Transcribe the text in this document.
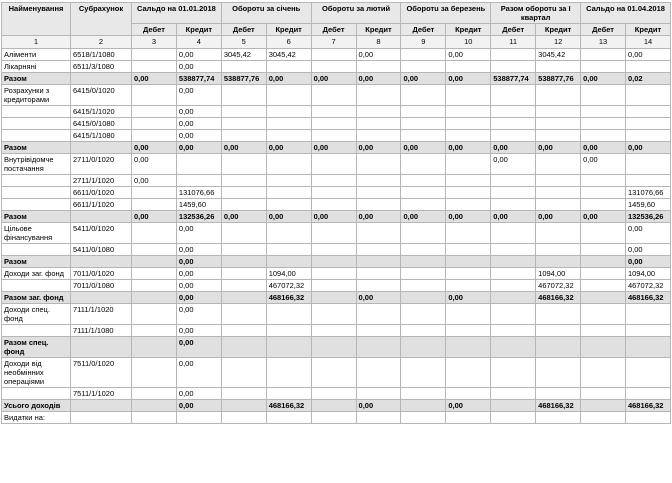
Найменування	Субрахунок	Сальдо на 01.01.2018		Оборотu за січень		Оборотu за лютий		Оборотu за березень		Разом оборотu за I квартал		Сальдо на 01.04.2018	
		Дебет	Кредит	Дебет	Кредит	Дебет	Кредит	Дебет	Кредит	Дебет	Кредит	Дебет	Кредит
1	2	3	4	5	6	7	8	9	10	11	12	13	14
Аліменти	6518/1/1080		0,00	3045,42	3045,42		0,00		0,00		3045,42		0,00
Лікарняні	6511/3/1080		0,00										
Разом		0,00	538877,74	538877,76	0,00	0,00	0,00	0,00	0,00	538877,74	538877,76	0,00	0,02
Розрахунки з кредиторами	6415/0/1020		0,00										
	6415/1/1020		0,00										
	6415/0/1080		0,00										
	6415/1/1080		0,00										
Разом		0,00	0,00	0,00	0,00	0,00	0,00	0,00	0,00	0,00	0,00	0,00	0,00
Внутрівідомче постачання	2711/0/1020	0,00								0,00		0,00	
	2711/1/1020	0,00											
	6611/0/1020		131076,66										131076,66
	6611/1/1020		1459,60										1459,60
Разом		0,00	132536,26	0,00	0,00	0,00	0,00	0,00	0,00	0,00	0,00	0,00	132536,26
Цільове фінансування	5411/0/1020		0,00										0,00
	5411/0/1080		0,00										0,00
Разом			0,00										0,00
Доходи заг. фонд	7011/0/1020		0,00		1094,00						1094,00		1094,00
	7011/0/1080		0,00		467072,32						467072,32		467072,32
Разом заг. фонд			0,00		468166,32		0,00		0,00		468166,32		468166,32
Доходи спец. фонд	7111/1/1020		0,00										
	7111/1/1080		0,00										
Разом спец. фонд			0,00										
Доходи від необмінних операціями	7511/0/1020		0,00										
	7511/1/1020		0,00										
Усього доходів			0,00		468166,32		0,00		0,00		468166,32		468166,32
Видатки на:													
